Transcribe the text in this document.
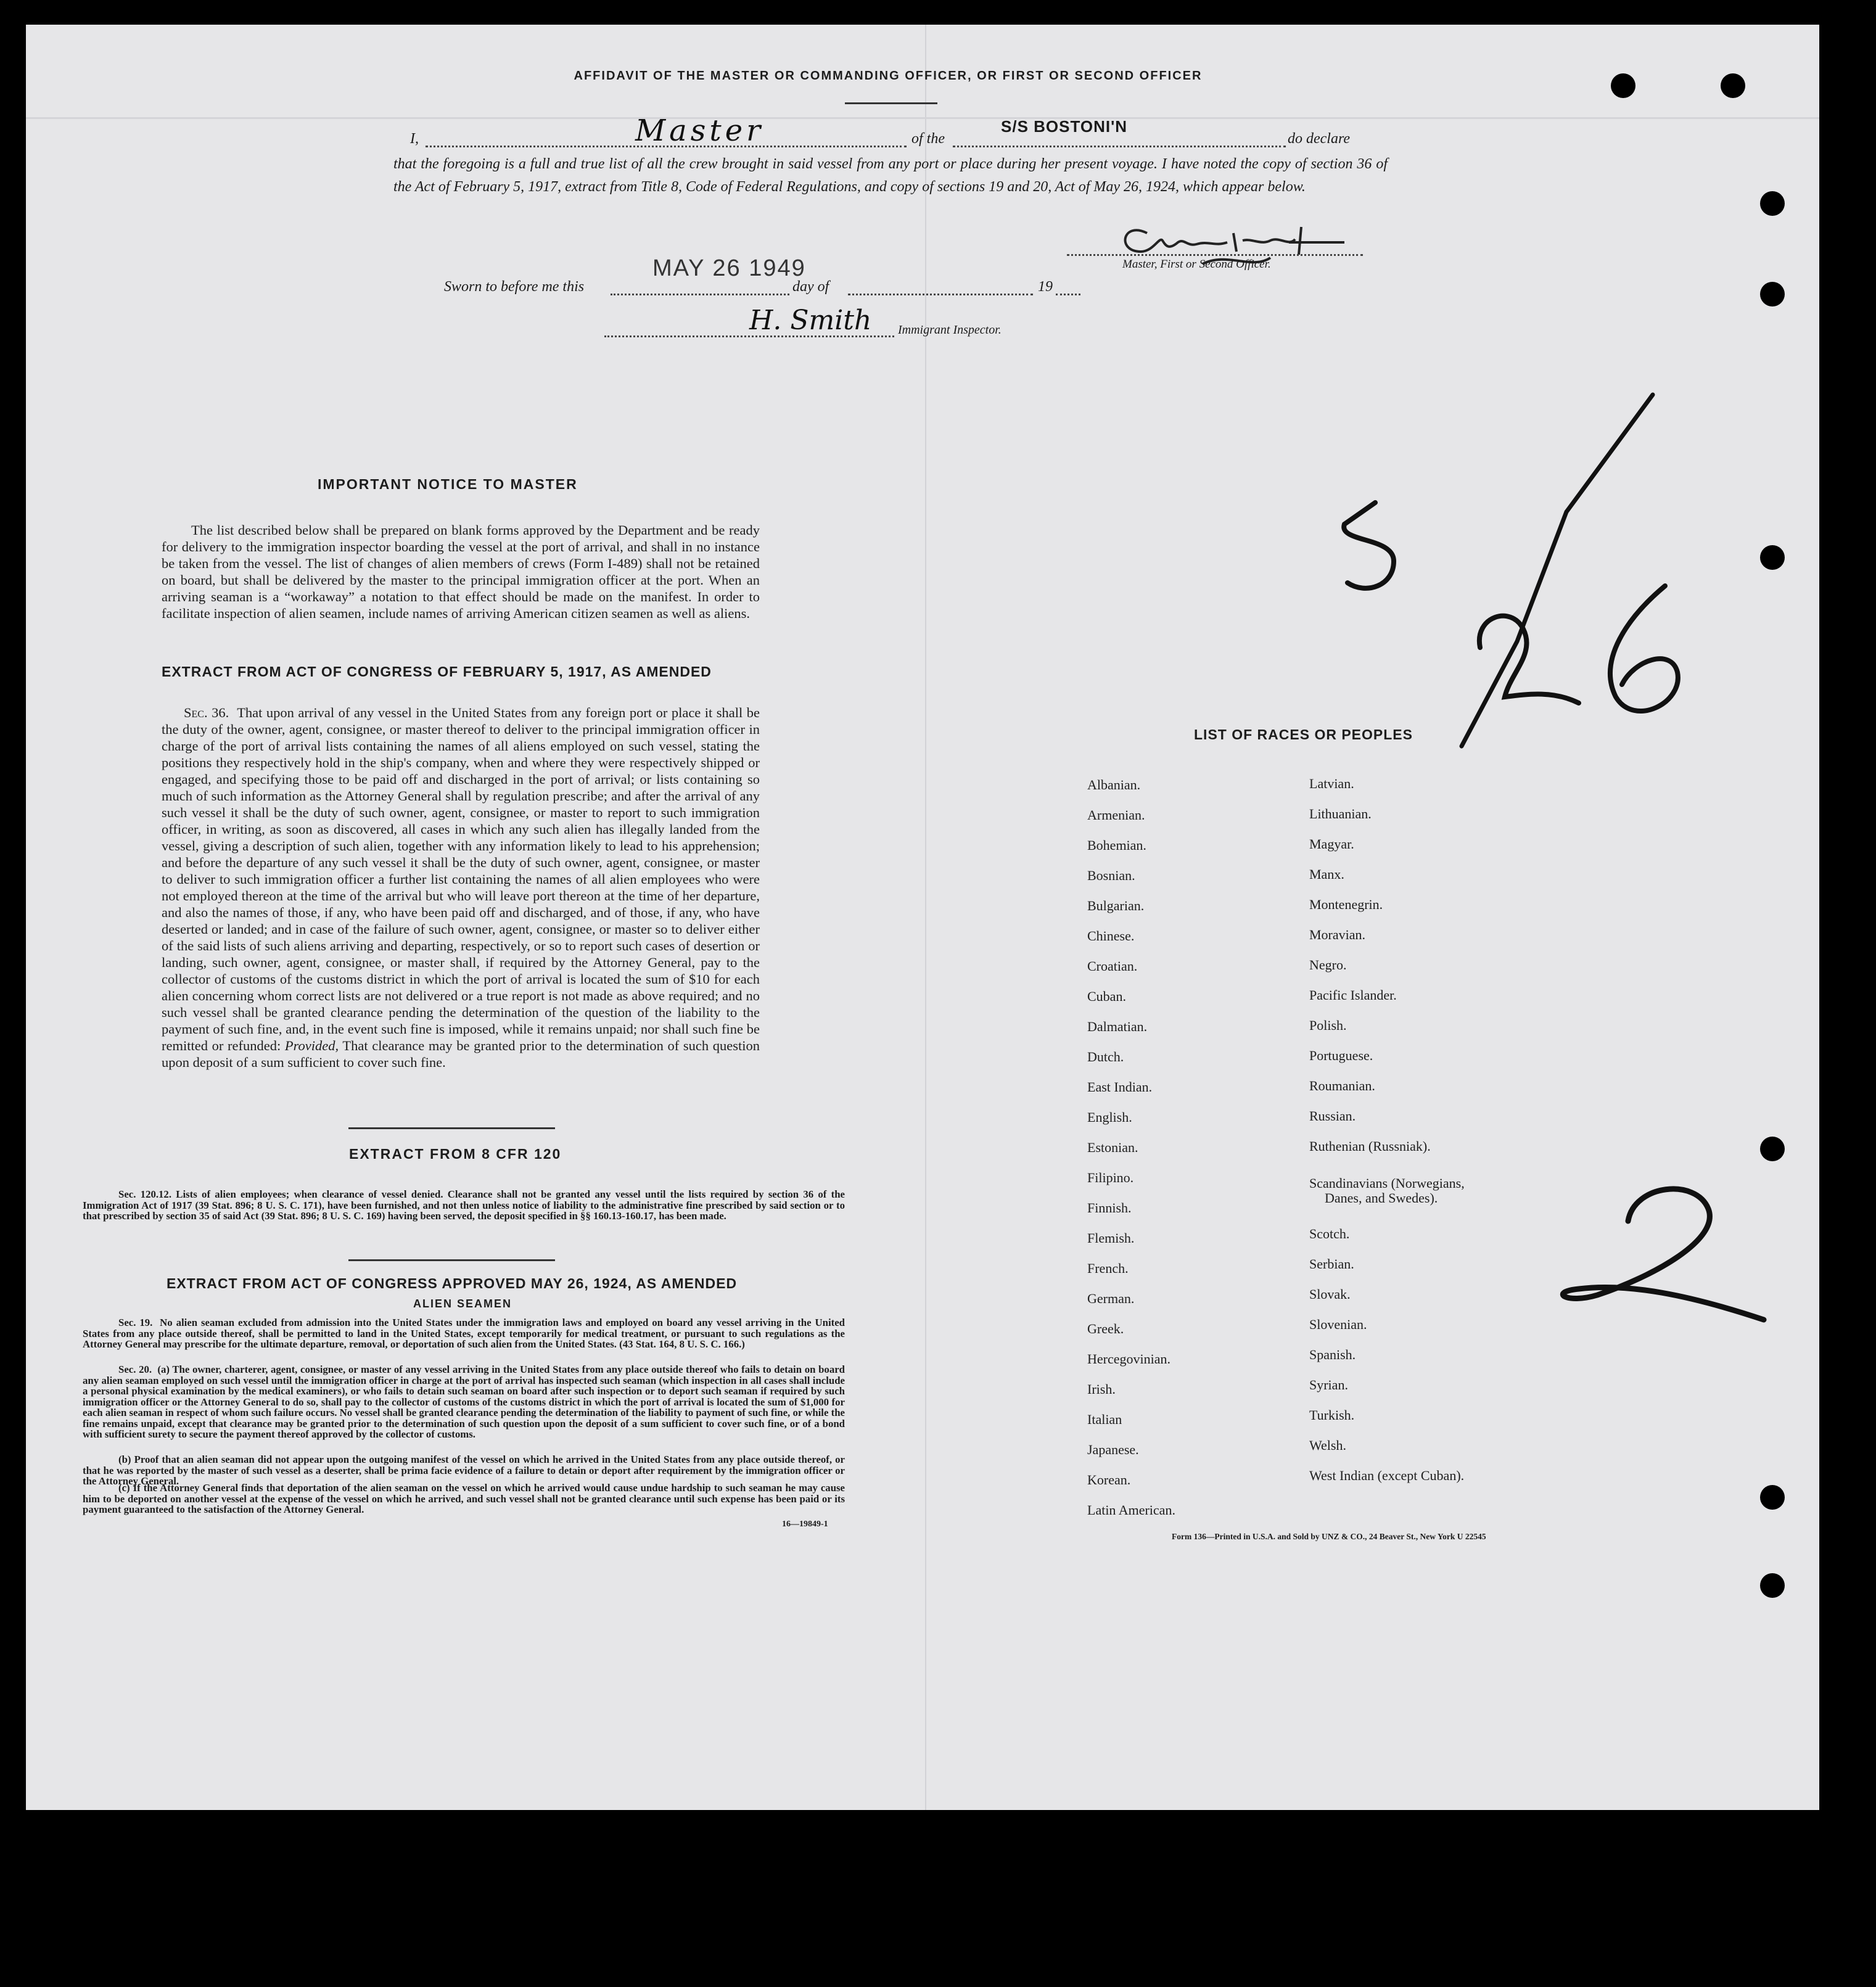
AFFIDAVIT OF THE MASTER OR COMMANDING OFFICER, OR FIRST OR SECOND OFFICER
I,	Master	of the
S/S BOSTONI'N
do declare
that the foregoing is a full and true list of all the crew brought in said vessel from any port or place during her present voyage. I have noted the copy of section 36 of the Act of February 5, 1917, extract from Title 8, Code of Federal Regulations, and copy of sections 19 and 20, Act of May 26, 1924, which appear below.
Master, First or Second Officer.
Sworn to before me this
MAY 26 1949
day of	19
H. Smith Immigrant Inspector.
IMPORTANT NOTICE TO MASTER
The list described below shall be prepared on blank forms approved by the Department and be ready for delivery to the immigration inspector boarding the vessel at the port of arrival, and shall in no instance be taken from the vessel. The list of changes of alien members of crews (Form I-489) shall not be retained on board, but shall be delivered by the master to the principal immigration officer at the port. When an arriving seaman is a “workaway” a notation to that effect should be made on the manifest. In order to facilitate inspection of alien seamen, include names of arriving American citizen seamen as well as aliens.
EXTRACT FROM ACT OF CONGRESS OF FEBRUARY 5, 1917, AS AMENDED
Sec. 36. That upon arrival of any vessel in the United States from any foreign port or place it shall be the duty of the owner, agent, consignee, or master thereof to deliver to the principal immigration officer in charge of the port of arrival lists containing the names of all aliens employed on such vessel, stating the positions they respectively hold in the ship's company, when and where they were respectively shipped or engaged, and specifying those to be paid off and discharged in the port of arrival; or lists containing so much of such information as the Attorney General shall by regulation prescribe; and after the arrival of any such vessel it shall be the duty of such owner, agent, consignee, or master to report to such immigration officer, in writing, as soon as discovered, all cases in which any such alien has illegally landed from the vessel, giving a description of such alien, together with any information likely to lead to his apprehension; and before the departure of any such vessel it shall be the duty of such owner, agent, consignee, or master to deliver to such immigration officer a further list containing the names of all alien employees who were not employed thereon at the time of the arrival but who will leave port thereon at the time of her departure, and also the names of those, if any, who have been paid off and discharged, and of those, if any, who have deserted or landed; and in case of the failure of such owner, agent, consignee, or master so to deliver either of the said lists of such aliens arriving and departing, respectively, or so to report such cases of desertion or landing, such owner, agent, consignee, or master shall, if required by the Attorney General, pay to the collector of customs of the customs district in which the port of arrival is located the sum of $10 for each alien concerning whom correct lists are not delivered or a true report is not made as above required; and no such vessel shall be granted clearance pending the determination of the question of the liability to the payment of such fine, and, in the event such fine is imposed, while it remains unpaid; nor shall such fine be remitted or refunded: Provided, That clearance may be granted prior to the determination of such question upon deposit of a sum sufficient to cover such fine.
EXTRACT FROM 8 CFR 120
Sec. 120.12. Lists of alien employees; when clearance of vessel denied. Clearance shall not be granted any vessel until the lists required by section 36 of the Immigration Act of 1917 (39 Stat. 896; 8 U. S. C. 171), have been furnished, and not then unless notice of liability to the administrative fine prescribed by said section or to that prescribed by section 35 of said Act (39 Stat. 896; 8 U. S. C. 169) having been served, the deposit specified in §§ 160.13-160.17, has been made.
EXTRACT FROM ACT OF CONGRESS APPROVED MAY 26, 1924, AS AMENDED
ALIEN SEAMEN
Sec. 19. No alien seaman excluded from admission into the United States under the immigration laws and employed on board any vessel arriving in the United States from any place outside thereof, shall be permitted to land in the United States, except temporarily for medical treatment, or pursuant to such regulations as the Attorney General may prescribe for the ultimate departure, removal, or deportation of such alien from the United States. (43 Stat. 164, 8 U. S. C. 166.)
Sec. 20. (a) The owner, charterer, agent, consignee, or master of any vessel arriving in the United States from any place outside thereof who fails to detain on board any alien seaman employed on such vessel until the immigration officer in charge at the port of arrival has inspected such seaman (which inspection in all cases shall include a personal physical examination by the medical examiners), or who fails to detain such seaman on board after such inspection or to deport such seaman if required by such immigration officer or the Attorney General to do so, shall pay to the collector of customs of the customs district in which the port of arrival is located the sum of $1,000 for each alien seaman in respect of whom such failure occurs. No vessel shall be granted clearance pending the determination of the liability to payment of such fine, or while the fine remains unpaid, except that clearance may be granted prior to the determination of such question upon the deposit of a sum sufficient to cover such fine, or of a bond with sufficient surety to secure the payment thereof approved by the collector of customs.
(b) Proof that an alien seaman did not appear upon the outgoing manifest of the vessel on which he arrived in the United States from any place outside thereof, or that he was reported by the master of such vessel as a deserter, shall be prima facie evidence of a failure to detain or deport after requirement by the immigration officer or the Attorney General.
(c) If the Attorney General finds that deportation of the alien seaman on the vessel on which he arrived would cause undue hardship to such seaman he may cause him to be deported on another vessel at the expense of the vessel on which he arrived, and such vessel shall not be granted clearance until such expense has been paid or its payment guaranteed to the satisfaction of the Attorney General.
16—19849-1
LIST OF RACES OR PEOPLES
Albanian.
Armenian.
Bohemian.
Bosnian.
Bulgarian.
Chinese.
Croatian.
Cuban.
Dalmatian.
Dutch.
East Indian.
English.
Estonian.
Filipino.
Finnish.
Flemish.
French.
German.
Greek.
Hercegovinian.
Irish.
Italian
Japanese.
Korean.
Latin American.
Latvian.
Lithuanian.
Magyar.
Manx.
Montenegrin.
Moravian.
Negro.
Pacific Islander.
Polish.
Portuguese.
Roumanian.
Russian.
Ruthenian (Russniak).
Scandinavians (Norwegians,
Danes, and Swedes).
Scotch.
Serbian.
Slovak.
Slovenian.
Spanish.
Syrian.
Turkish.
Welsh.
West Indian (except Cuban).
Form 136—Printed in U.S.A. and Sold by UNZ & CO., 24 Beaver St., New York U 22545
